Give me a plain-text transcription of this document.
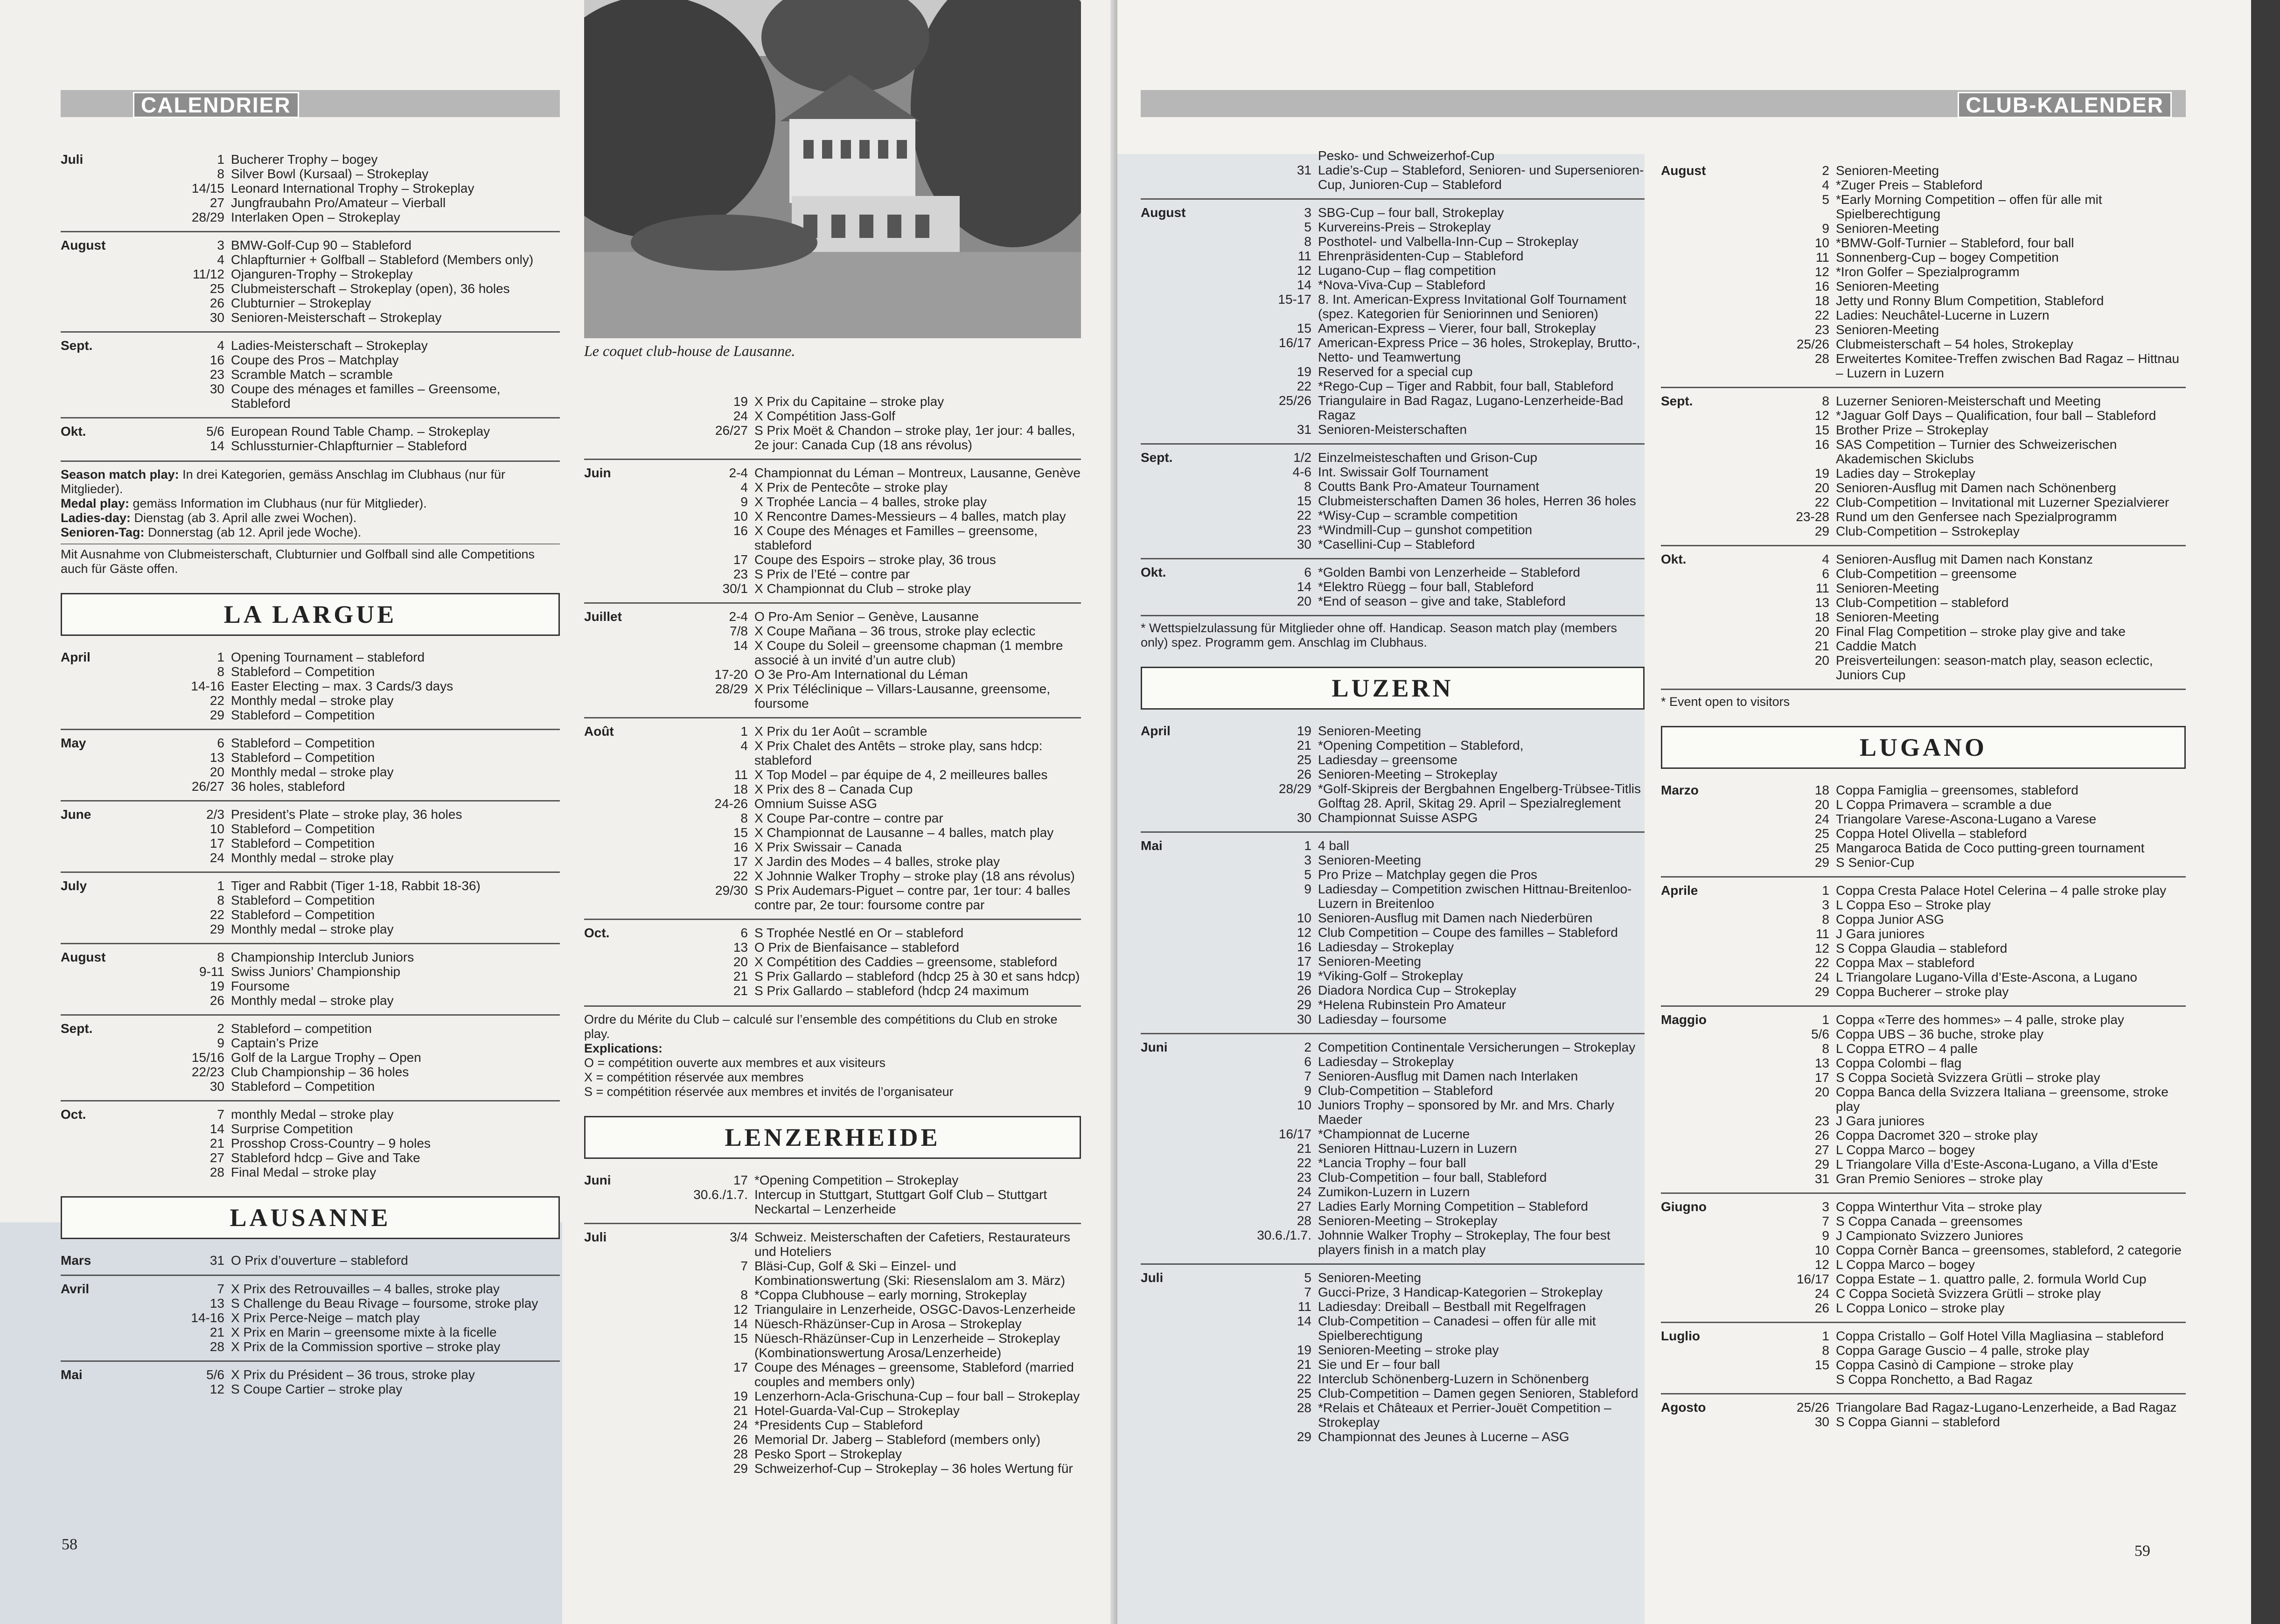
CALENDRIER
Juli	1 Bucherer Trophy – bogey
8 Silver Bowl (Kursaal) – Strokeplay
14/15 Leonard International Trophy – Strokeplay
27 Jungfraubahn Pro/Amateur – Vierball
28/29 Interlaken Open – Strokeplay
August	3 BMW-Golf-Cup 90 – Stableford
4 Chlapfturnier + Golfball – Stableford (Members only)
11/12 Ojanguren-Trophy – Strokeplay
25 Clubmeisterschaft – Strokeplay (open), 36 holes
26 Clubturnier – Strokeplay
30 Senioren-Meisterschaft – Strokeplay
Sept.	4 Ladies-Meisterschaft – Strokeplay
16 Coupe des Pros – Matchplay
23 Scramble Match – scramble
30 Coupe des ménages et familles – Greensome, Stableford
Okt.	5/6 European Round Table Champ. – Strokeplay
14 Schlussturnier-Chlapfturnier – Stableford
Season match play: In drei Kategorien, gemäss Anschlag im Clubhaus (nur für Mitglieder).
Medal play: gemäss Information im Clubhaus (nur für Mitglieder).
Ladies-day: Dienstag (ab 3. April alle zwei Wochen).
Senioren-Tag: Donnerstag (ab 12. April jede Woche).
Mit Ausnahme von Clubmeisterschaft, Clubturnier und Golfball sind alle Competitions auch für Gäste offen.
LA LARGUE
April	1 Opening Tournament – stableford
8 Stableford – Competition
14-16 Easter Electing – max. 3 Cards/3 days
22 Monthly medal – stroke play
29 Stableford – Competition
May	6 Stableford – Competition
13 Stableford – Competition
20 Monthly medal – stroke play
26/27 36 holes, stableford
June	2/3 President’s Plate – stroke play, 36 holes
10 Stableford – Competition
17 Stableford – Competition
24 Monthly medal – stroke play
July	1 Tiger and Rabbit (Tiger 1-18, Rabbit 18-36)
8 Stableford – Competition
22 Stableford – Competition
29 Monthly medal – stroke play
August	8 Championship Interclub Juniors
9-11 Swiss Juniors’ Championship
19 Foursome
26 Monthly medal – stroke play
Sept.	2 Stableford – competition
9 Captain’s Prize
15/16 Golf de la Largue Trophy – Open
22/23 Club Championship – 36 holes
30 Stableford – Competition
Oct.	7 monthly Medal – stroke play
14 Surprise Competition
21 Prosshop Cross-Country – 9 holes
27 Stableford hdcp – Give and Take
28 Final Medal – stroke play
LAUSANNE
Mars	31 O Prix d’ouverture – stableford
Avril	7 X Prix des Retrouvailles – 4 balles, stroke play
13 S Challenge du Beau Rivage – foursome, stroke play
14-16 X Prix Perce-Neige – match play
21 X Prix en Marin – greensome mixte à la ficelle
28 X Prix de la Commission sportive – stroke play
Mai	5/6 X Prix du Président – 36 trous, stroke play
12 S Coupe Cartier – stroke play
Le coquet club-house de Lausanne.
19 X Prix du Capitaine – stroke play
24 X Compétition Jass-Golf
26/27 S Prix Moët & Chandon – stroke play, 1er jour: 4 balles, 2e jour: Canada Cup (18 ans révolus)
Juin	2-4 Championnat du Léman – Montreux, Lausanne, Genève
4 X Prix de Pentecôte – stroke play
9 X Trophée Lancia – 4 balles, stroke play
10 X Rencontre Dames-Messieurs – 4 balles, match play
16 X Coupe des Ménages et Familles – greensome, stableford
17 Coupe des Espoirs – stroke play, 36 trous
23 S Prix de l’Eté – contre par
30/1 X Championnat du Club – stroke play
Juillet	2-4 O Pro-Am Senior – Genève, Lausanne
7/8 X Coupe Mañana – 36 trous, stroke play eclectic
14 X Coupe du Soleil – greensome chapman (1 membre associé à un invité d’un autre club)
17-20 O 3e Pro-Am International du Léman
28/29 X Prix Téléclinique – Villars-Lausanne, greensome, foursome
Août	1 X Prix du 1er Août – scramble
4 X Prix Chalet des Antêts – stroke play, sans hdcp: stableford
11 X Top Model – par équipe de 4, 2 meilleures balles
18 X Prix des 8 – Canada Cup
24-26 Omnium Suisse ASG
8 X Coupe Par-contre – contre par
15 X Championnat de Lausanne – 4 balles, match play
16 X Prix Swissair – Canada
17 X Jardin des Modes – 4 balles, stroke play
22 X Johnnie Walker Trophy – stroke play (18 ans révolus)
29/30 S Prix Audemars-Piguet – contre par, 1er tour: 4 balles contre par, 2e tour: foursome contre par
Oct.	6 S Trophée Nestlé en Or – stableford
13 O Prix de Bienfaisance – stableford
20 X Compétition des Caddies – greensome, stableford
21 S Prix Gallardo – stableford (hdcp 25 à 30 et sans hdcp)
21 S Prix Gallardo – stableford (hdcp 24 maximum
Ordre du Mérite du Club – calculé sur l’ensemble des compétitions du Club en stroke play.
Explications:
O = compétition ouverte aux membres et aux visiteurs
X = compétition réservée aux membres
S = compétition réservée aux membres et invités de l’organisateur
LENZERHEIDE
Juni	17 *Opening Competition – Strokeplay
30.6./1.7. Intercup in Stuttgart, Stuttgart Golf Club – Stuttgart Neckartal – Lenzerheide
Juli	3/4 Schweiz. Meisterschaften der Cafetiers, Restaurateurs und Hoteliers
7 Bläsi-Cup, Golf & Ski – Einzel- und Kombinationswertung (Ski: Riesenslalom am 3. März)
8 *Coppa Clubhouse – early morning, Strokeplay
12 Triangulaire in Lenzerheide, OSGC-Davos-Lenzerheide
14 Nüesch-Rhäzünser-Cup in Arosa – Strokeplay
15 Nüesch-Rhäzünser-Cup in Lenzerheide – Strokeplay (Kombinationswertung Arosa/Lenzerheide)
17 Coupe des Ménages – greensome, Stableford (married couples and members only)
19 Lenzerhorn-Acla-Grischuna-Cup – four ball – Strokeplay
21 Hotel-Guarda-Val-Cup – Strokeplay
24 *Presidents Cup – Stableford
26 Memorial Dr. Jaberg – Stableford (members only)
28 Pesko Sport – Strokeplay
29 Schweizerhof-Cup – Strokeplay – 36 holes Wertung für
58
CLUB-KALENDER
Pesko- und Schweizerhof-Cup
31 Ladie’s-Cup – Stableford, Senioren- und Supersenioren-Cup, Junioren-Cup – Stableford
August	3 SBG-Cup – four ball, Strokeplay
5 Kurvereins-Preis – Strokeplay
8 Posthotel- und Valbella-Inn-Cup – Strokeplay
11 Ehrenpräsidenten-Cup – Stableford
12 Lugano-Cup – flag competition
14 *Nova-Viva-Cup – Stableford
15-17 8. Int. American-Express Invitational Golf Tournament (spez. Kategorien für Seniorinnen und Senioren)
15 American-Express – Vierer, four ball, Strokeplay
16/17 American-Express Price – 36 holes, Strokeplay, Brutto-, Netto- und Teamwertung
19 Reserved for a special cup
22 *Rego-Cup – Tiger and Rabbit, four ball, Stableford
25/26 Triangulaire in Bad Ragaz, Lugano-Lenzerheide-Bad Ragaz
31 Senioren-Meisterschaften
Sept.	1/2 Einzelmeisteschaften und Grison-Cup
4-6 Int. Swissair Golf Tournament
8 Coutts Bank Pro-Amateur Tournament
15 Clubmeisterschaften Damen 36 holes, Herren 36 holes
22 *Wisy-Cup – scramble competition
23 *Windmill-Cup – gunshot competition
30 *Casellini-Cup – Stableford
Okt.	6 *Golden Bambi von Lenzerheide – Stableford
14 *Elektro Rüegg – four ball, Stableford
20 *End of season – give and take, Stableford
* Wettspielzulassung für Mitglieder ohne off. Handicap. Season match play (members only) spez. Programm gem. Anschlag im Clubhaus.
LUZERN
April	19 Senioren-Meeting
21 *Opening Competition – Stableford,
25 Ladiesday – greensome
26 Senioren-Meeting – Strokeplay
28/29 *Golf-Skipreis der Bergbahnen Engelberg-Trübsee-Titlis Golftag 28. April, Skitag 29. April – Spezialreglement
30 Championnat Suisse ASPG
Mai	1 4 ball
3 Senioren-Meeting
5 Pro Prize – Matchplay gegen die Pros
9 Ladiesday – Competition zwischen Hittnau-Breitenloo-Luzern in Breitenloo
10 Senioren-Ausflug mit Damen nach Niederbüren
12 Club Competition – Coupe des familles – Stableford
16 Ladiesday – Strokeplay
17 Senioren-Meeting
19 *Viking-Golf – Strokeplay
26 Diadora Nordica Cup – Strokeplay
29 *Helena Rubinstein Pro Amateur
30 Ladiesday – foursome
Juni	2 Competition Continentale Versicherungen – Strokeplay
6 Ladiesday – Strokeplay
7 Senioren-Ausflug mit Damen nach Interlaken
9 Club-Competition – Stableford
10 Juniors Trophy – sponsored by Mr. and Mrs. Charly Maeder
16/17 *Championnat de Lucerne
21 Senioren Hittnau-Luzern in Luzern
22 *Lancia Trophy – four ball
23 Club-Competition – four ball, Stableford
24 Zumikon-Luzern in Luzern
27 Ladies Early Morning Competition – Stableford
28 Senioren-Meeting – Strokeplay
30.6./1.7. Johnnie Walker Trophy – Strokeplay, The four best players finish in a match play
Juli	5 Senioren-Meeting
7 Gucci-Prize, 3 Handicap-Kategorien – Strokeplay
11 Ladiesday: Dreiball – Bestball mit Regelfragen
14 Club-Competition – Canadesi – offen für alle mit Spielberechtigung
19 Senioren-Meeting – stroke play
21 Sie und Er – four ball
22 Interclub Schönenberg-Luzern in Schönenberg
25 Club-Competition – Damen gegen Senioren, Stableford
28 *Relais et Châteaux et Perrier-Jouët Competition – Strokeplay
29 Championnat des Jeunes à Lucerne – ASG
August	2 Senioren-Meeting
4 *Zuger Preis – Stableford
5 *Early Morning Competition – offen für alle mit Spielberechtigung
9 Senioren-Meeting
10 *BMW-Golf-Turnier – Stableford, four ball
11 Sonnenberg-Cup – bogey Competition
12 *Iron Golfer – Spezialprogramm
16 Senioren-Meeting
18 Jetty und Ronny Blum Competition, Stableford
22 Ladies: Neuchâtel-Lucerne in Luzern
23 Senioren-Meeting
25/26 Clubmeisterschaft – 54 holes, Strokeplay
28 Erweitertes Komitee-Treffen zwischen Bad Ragaz – Hittnau – Luzern in Luzern
Sept.	8 Luzerner Senioren-Meisterschaft und Meeting
12 *Jaguar Golf Days – Qualification, four ball – Stableford
15 Brother Prize – Strokeplay
16 SAS Competition – Turnier des Schweizerischen Akademischen Skiclubs
19 Ladies day – Strokeplay
20 Senioren-Ausflug mit Damen nach Schönenberg
22 Club-Competition – Invitational mit Luzerner Spezialvierer
23-28 Rund um den Genfersee nach Spezialprogramm
29 Club-Competition – Sstrokeplay
Okt.	4 Senioren-Ausflug mit Damen nach Konstanz
6 Club-Competition – greensome
11 Senioren-Meeting
13 Club-Competition – stableford
18 Senioren-Meeting
20 Final Flag Competition – stroke play give and take
21 Caddie Match
20 Preisverteilungen: season-match play, season eclectic, Juniors Cup
* Event open to visitors
LUGANO
Marzo	18 Coppa Famiglia – greensomes, stableford
20 L Coppa Primavera – scramble a due
24 Triangolare Varese-Ascona-Lugano a Varese
25 Coppa Hotel Olivella – stableford
25 Mangaroca Batida de Coco putting-green tournament
29 S Senior-Cup
Aprile	1 Coppa Cresta Palace Hotel Celerina – 4 palle stroke play
3 L Coppa Eso – Stroke play
8 Coppa Junior ASG
11 J Gara juniores
12 S Coppa Glaudia – stableford
22 Coppa Max – stableford
24 L Triangolare Lugano-Villa d’Este-Ascona, a Lugano
29 Coppa Bucherer – stroke play
Maggio	1 Coppa «Terre des hommes» – 4 palle, stroke play
5/6 Coppa UBS – 36 buche, stroke play
8 L Coppa ETRO – 4 palle
13 Coppa Colombi – flag
17 S Coppa Società Svizzera Grütli – stroke play
20 Coppa Banca della Svizzera Italiana – greensome, stroke play
23 J Gara juniores
26 Coppa Dacromet 320 – stroke play
27 L Coppa Marco – bogey
29 L Triangolare Villa d’Este-Ascona-Lugano, a Villa d’Este
31 Gran Premio Seniores – stroke play
Giugno	3 Coppa Winterthur Vita – stroke play
7 S Coppa Canada – greensomes
9 J Campionato Svizzero Juniores
10 Coppa Cornèr Banca – greensomes, stableford, 2 categorie
12 L Coppa Marco – bogey
16/17 Coppa Estate – 1. quattro palle, 2. formula World Cup
24 C Coppa Società Svizzera Grütli – stroke play
26 L Coppa Lonico – stroke play
Luglio	1 Coppa Cristallo – Golf Hotel Villa Magliasina – stableford
8 Coppa Garage Guscio – 4 palle, stroke play
15 Coppa Casinò di Campione – stroke play
S Coppa Ronchetto, a Bad Ragaz
Agosto	25/26 Triangolare Bad Ragaz-Lugano-Lenzerheide, a Bad Ragaz
30 S Coppa Gianni – stableford
59
